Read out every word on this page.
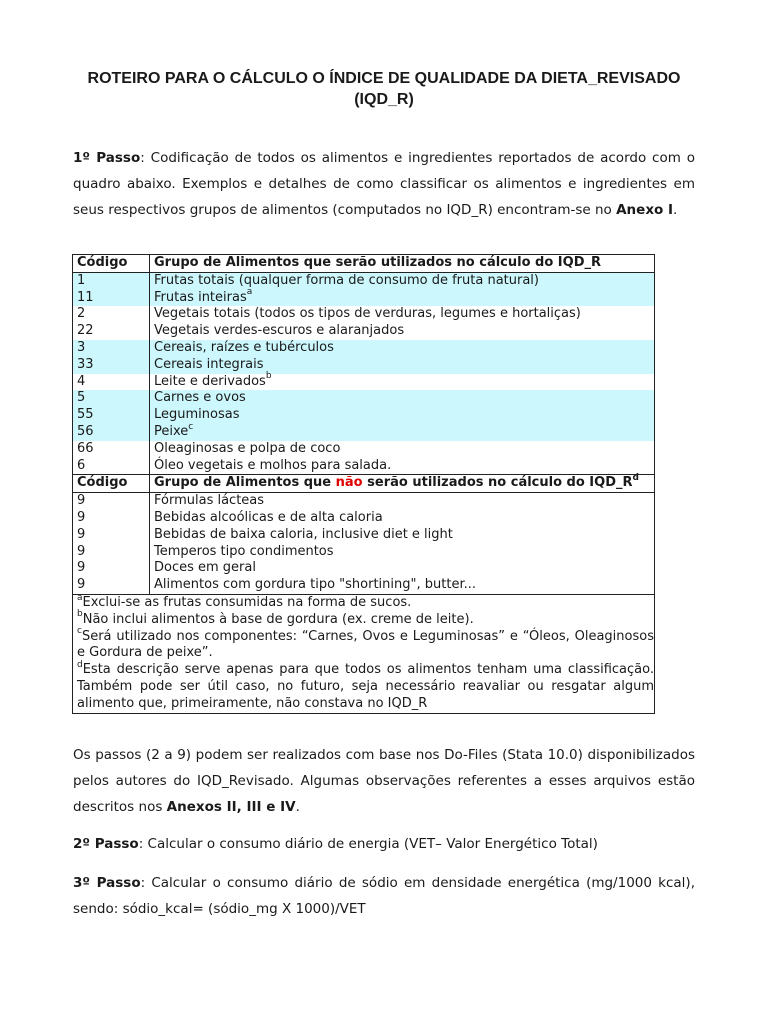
ROTEIRO PARA O CÁLCULO O ÍNDICE DE QUALIDADE DA DIETA_REVISADO
(IQD_R)
1º Passo: Codificação de todos os alimentos e ingredientes reportados de acordo com o quadro abaixo. Exemplos e detalhes de como classificar os alimentos e ingredientes em seus respectivos grupos de alimentos (computados no IQD_R) encontram-se no Anexo I.
Código	Grupo de Alimentos que serão utilizados no cálculo do IQD_R
1	Frutas totais (qualquer forma de consumo de fruta natural)
11	Frutas inteiras$^a$
2	Vegetais totais (todos os tipos de verduras, legumes e hortaliças)
22	Vegetais verdes-escuros e alaranjados
3	Cereais, raízes e tubérculos
33	Cereais integrais
4	Leite e derivados$^b$
5	Carnes e ovos
55	Leguminosas
56	Peixe$^c$
66	Oleaginosas e polpa de coco
6	Óleo vegetais e molhos para salada.
Código	Grupo de Alimentos que não serão utilizados no cálculo do $IQD\_R^d$
9	Fórmulas lácteas
9	Bebidas alcoólicas e de alta caloria
9	Bebidas de baixa caloria, inclusive diet e light
9	Temperos tipo condimentos
9	Doces em geral
9	Alimentos com gordura tipo "shortining", butter...

$^a$Exclui-se as frutas consumidas na forma de sucos.

$^b$Não inclui alimentos à base de gordura (ex. creme de leite).

$^c$Será utilizado nos componentes: “Carnes, Ovos e Leguminosas” e “Óleos, Oleaginosos e Gordura de peixe”.

$^d$Esta descrição serve apenas para que todos os alimentos tenham uma classificação. Também pode ser útil caso, no futuro, seja necessário reavaliar ou resgatar algum alimento que, primeiramente, não constava no IQD_R	

Os passos (2 a 9) podem ser realizados com base nos Do-Files (Stata 10.0) disponibilizados pelos autores do IQD_Revisado. Algumas observações referentes a esses arquivos estão descritos nos Anexos II, III e IV.
2º Passo: Calcular o consumo diário de energia (VET– Valor Energético Total)
3º Passo: Calcular o consumo diário de sódio em densidade energética (mg/1000 kcal), sendo: sódio_kcal= (sódio_mg X 1000)/VET
